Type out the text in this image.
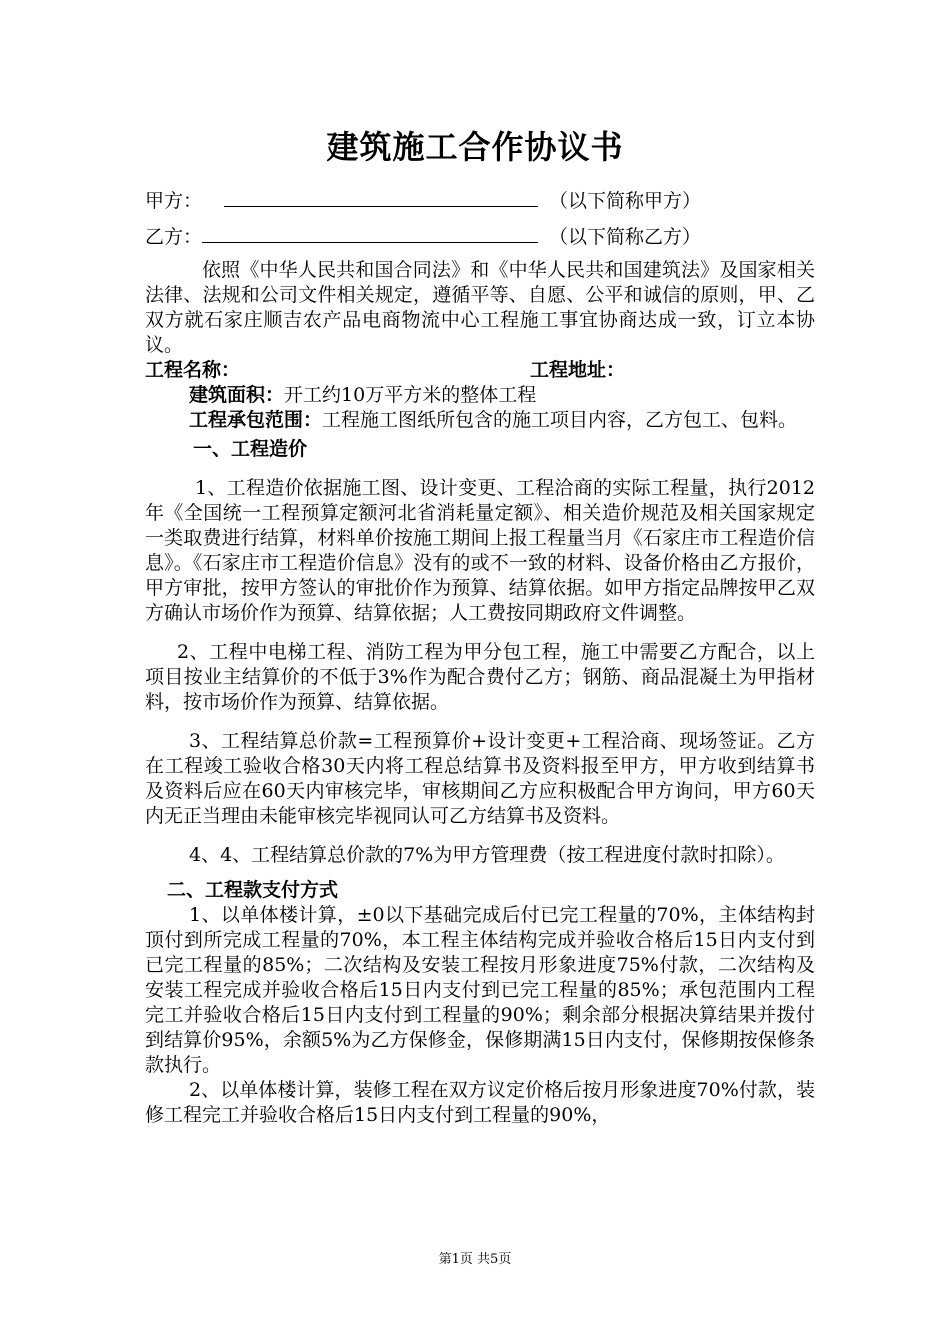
建筑施工合作协议书
甲方：	（以下简称甲方）
乙方：	（以下简称乙方）

依照《中华人民共和国合同法》和《中华人民共和国建筑法》及国家相关法律、法规和公司文件相关规定，遵循平等、自愿、公平和诚信的原则，甲、乙双方就石家庄顺吉农产品电商物流中心工程施工事宜协商达成一致，订立本协议。

工程名称：	工程地址：

建筑面积：开工约10万平方米的整体工程

工程承包范围：工程施工图纸所包含的施工项目内容，乙方包工、包料。

一、工程造价

1、工程造价依据施工图、设计变更、工程洽商的实际工程量，执行2012年《全国统一工程预算定额河北省消耗量定额》、相关造价规范及相关国家规定一类取费进行结算，材料单价按施工期间上报工程量当月《石家庄市工程造价信息》。《石家庄市工程造价信息》没有的或不一致的材料、设备价格由乙方报价，甲方审批，按甲方签认的审批价作为预算、结算依据。如甲方指定品牌按甲乙双方确认市场价作为预算、结算依据；人工费按同期政府文件调整。

2、工程中电梯工程、消防工程为甲分包工程，施工中需要乙方配合，以上项目按业主结算价的不低于3%作为配合费付乙方；钢筋、商品混凝土为甲指材料，按市场价作为预算、结算依据。

3、工程结算总价款=工程预算价+设计变更+工程洽商、现场签证。乙方在工程竣工验收合格30天内将工程总结算书及资料报至甲方，甲方收到结算书及资料后应在60天内审核完毕，审核期间乙方应积极配合甲方询问，甲方60天内无正当理由未能审核完毕视同认可乙方结算书及资料。

4、4、工程结算总价款的7%为甲方管理费（按工程进度付款时扣除）。

二、工程款支付方式

1、以单体楼计算，±0以下基础完成后付已完工程量的70%，主体结构封顶付到所完成工程量的70%，本工程主体结构完成并验收合格后15日内支付到已完工程量的85%；二次结构及安装工程按月形象进度75%付款，二次结构及安装工程完成并验收合格后15日内支付到已完工程量的85%；承包范围内工程完工并验收合格后15日内支付到工程量的90%；剩余部分根据决算结果并拨付到结算价95%，余额5%为乙方保修金，保修期满15日内支付，保修期按保修条款执行。

2、以单体楼计算，装修工程在双方议定价格后按月形象进度70%付款，装修工程完工并验收合格后15日内支付到工程量的90%，

第1页 共5页
